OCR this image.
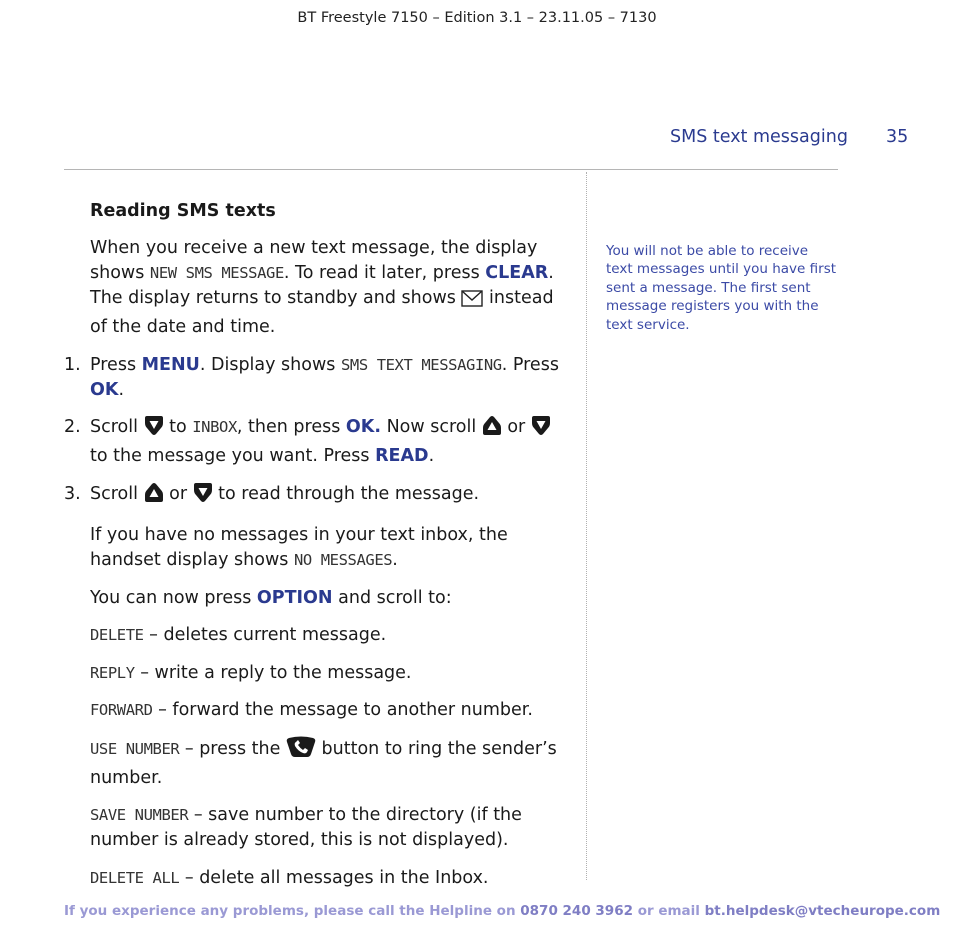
BT Freestyle 7150 – Edition 3.1 – 23.11.05 – 7130
SMS text messaging 35
You will not be able to receive text messages until you have first sent a message. The first sent message registers you with the text service.

Reading SMS texts

When you receive a new text message, the display shows NEW SMS MESSAGE. To read it later, press CLEAR. The display returns to standby and shows  instead of the date and time.

1. Press MENU. Display shows SMS TEXT MESSAGING. Press OK.

2. Scroll  to INBOX, then press OK. Now scroll  or  to the message you want. Press READ.

3. Scroll  or  to read through the message.

If you have no messages in your text inbox, the handset display shows NO MESSAGES.

You can now press OPTION and scroll to:

DELETE – deletes current message.

REPLY – write a reply to the message.

FORWARD – forward the message to another number.

USE NUMBER – press the  button to ring the sender’s number.

SAVE NUMBER – save number to the directory (if the number is already stored, this is not displayed).

DELETE ALL – delete all messages in the Inbox.

If you experience any problems, please call the Helpline on 0870 240 3962 or email bt.helpdesk@vtecheurope.com
